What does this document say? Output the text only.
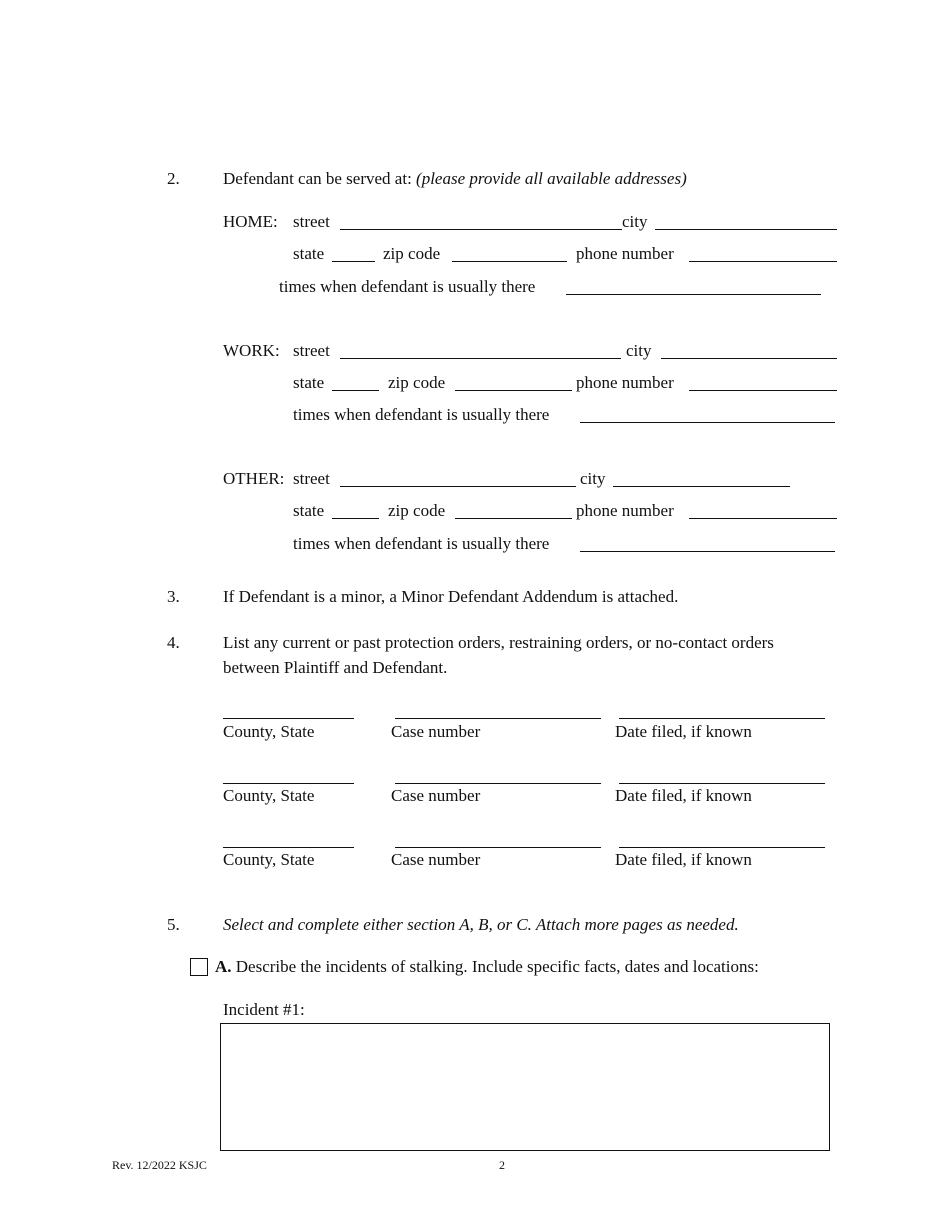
2.	Defendant can be served at: (please provide all available addresses)
HOME: street	city
state	zip code	phone number
times when defendant is usually there
WORK: street	city
state	zip code	phone number
times when defendant is usually there
OTHER: street	city
state	zip code	phone number
times when defendant is usually there
3.	If Defendant is a minor, a Minor Defendant Addendum is attached.
4.	List any current or past protection orders, restraining orders, or no-contact orders
between Plaintiff and Defendant.
County, State	Case number	Date filed, if known
County, State	Case number	Date filed, if known
County, State	Case number	Date filed, if known
5.	Select and complete either section A, B, or C. Attach more pages as needed.
A. Describe the incidents of stalking. Include specific facts, dates and locations:
Incident #1:
Rev. 12/2022 KSJC	2
